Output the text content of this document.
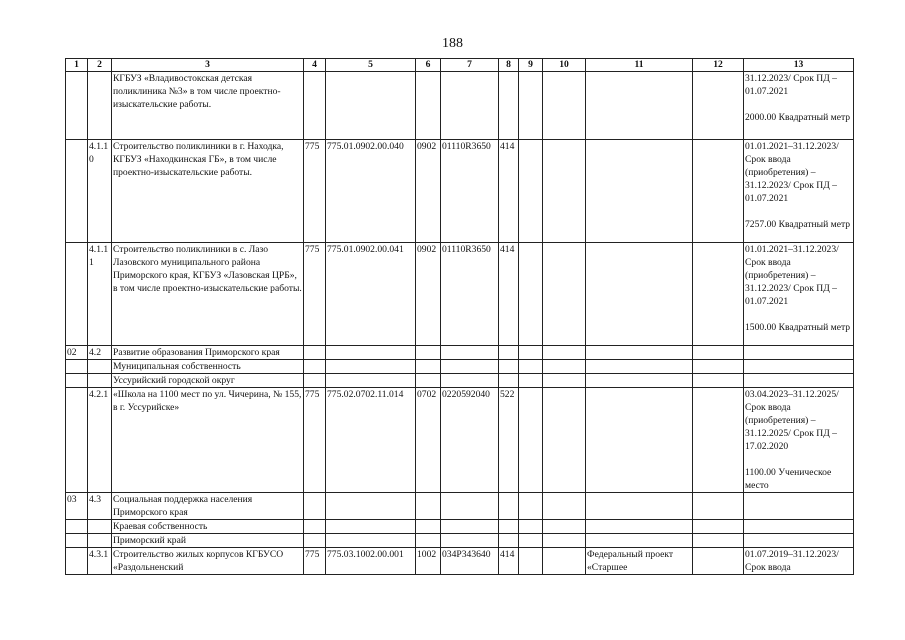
188
1	2	3	4	5	6	7	8	9	10	11	12	13
		КГБУЗ «Владивостокская детская поликлиника №3» в том числе проектно-изыскательские работы.										31.12.2023/ Срок ПД – 01.07.2021
2000.00 Квадратный метр

	4.1.10	Строительство поликлиники в г. Находка, КГБУЗ «Находкинская ГБ», в том числе проектно-изыскательские работы.	775	775.01.0902.00.040	0902	01110R3650	414					01.01.2021–31.12.2023/ Срок ввода (приобретения) – 31.12.2023/ Срок ПД – 01.07.2021
7257.00 Квадратный метр

	4.1.11	Строительство поликлиники в с. Лазо Лазовского муниципального района Приморского края, КГБУЗ «Лазовская ЦРБ», в том числе проектно-изыскательские работы.	775	775.01.0902.00.041	0902	01110R3650	414					01.01.2021–31.12.2023/ Срок ввода (приобретения) – 31.12.2023/ Срок ПД – 01.07.2021
1500.00 Квадратный метр

02	4.2	Развитие образования Приморского края										

		Муниципальная собственность										

		Уссурийский городской округ										

	4.2.1	«Школа на 1100 мест по ул. Чичерина, № 155, в г. Уссурийске»	775	775.02.0702.11.014	0702	0220592040	522					03.04.2023–31.12.2025/ Срок ввода (приобретения) – 31.12.2025/ Срок ПД – 17.02.2020
1100.00 Ученическое место

03	4.3	Социальная поддержка населения Приморского края										

		Краевая собственность										

		Приморский край										

	4.3.1	Строительство жилых корпусов КГБУСО «Раздольненский	775	775.03.1002.00.001	1002	034P343640	414			Федеральный проект «Старшее		01.07.2019–31.12.2023/ Срок ввода
